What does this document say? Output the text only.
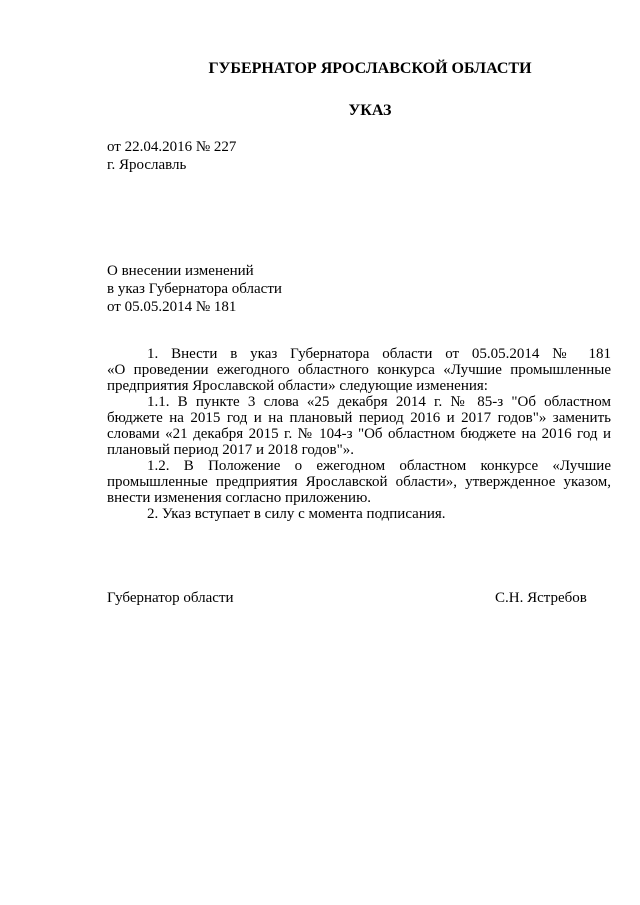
ГУБЕРНАТОР ЯРОСЛАВСКОЙ ОБЛАСТИ
УКАЗ
от 22.04.2016 № 227
г. Ярославль
О внесении изменений
в указ Губернатора области
от 05.05.2014 № 181

1. Внести в указ Губернатора области от 05.05.2014 № 181

«О проведении ежегодного областного конкурса «Лучшие промышленные

предприятия Ярославской области» следующие изменения:

1.1. В пункте 3 слова «25 декабря 2014 г. № 85-з "Об областном

бюджете на 2015 год и на плановый период 2016 и 2017 годов"» заменить

словами «21 декабря 2015 г. № 104-з "Об областном бюджете на 2016 год и

плановый период 2017 и 2018 годов"».

1.2. В Положение о ежегодном областном конкурсе «Лучшие

промышленные предприятия Ярославской области», утвержденное указом,

внести изменения согласно приложению.

2. Указ вступает в силу с момента подписания.

Губернатор области	С.Н. Ястребов
